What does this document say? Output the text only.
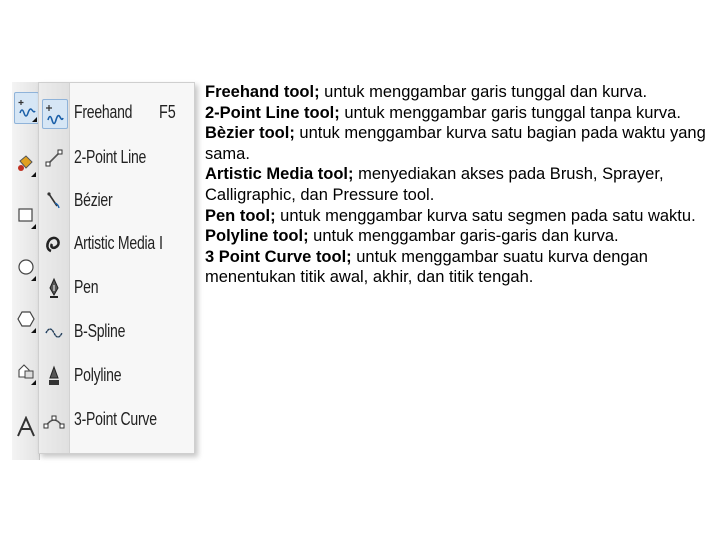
Freehand F5
2-Point Line
Bézier
Artistic Media I
Pen
B-Spline
Polyline
3-Point Curve
Freehand tool; untuk menggambar garis tunggal dan kurva.
2-Point Line tool; untuk menggambar garis tunggal tanpa kurva.
Bèzier tool; untuk menggambar kurva satu bagian pada waktu yang sama.
Artistic Media tool; menyediakan akses pada Brush, Sprayer, Calligraphic, dan Pressure tool.
Pen tool; untuk menggambar kurva satu segmen pada satu waktu.
Polyline tool; untuk menggambar garis-garis dan kurva.
3 Point Curve tool; untuk menggambar suatu kurva dengan menentukan titik awal, akhir, dan titik tengah.
